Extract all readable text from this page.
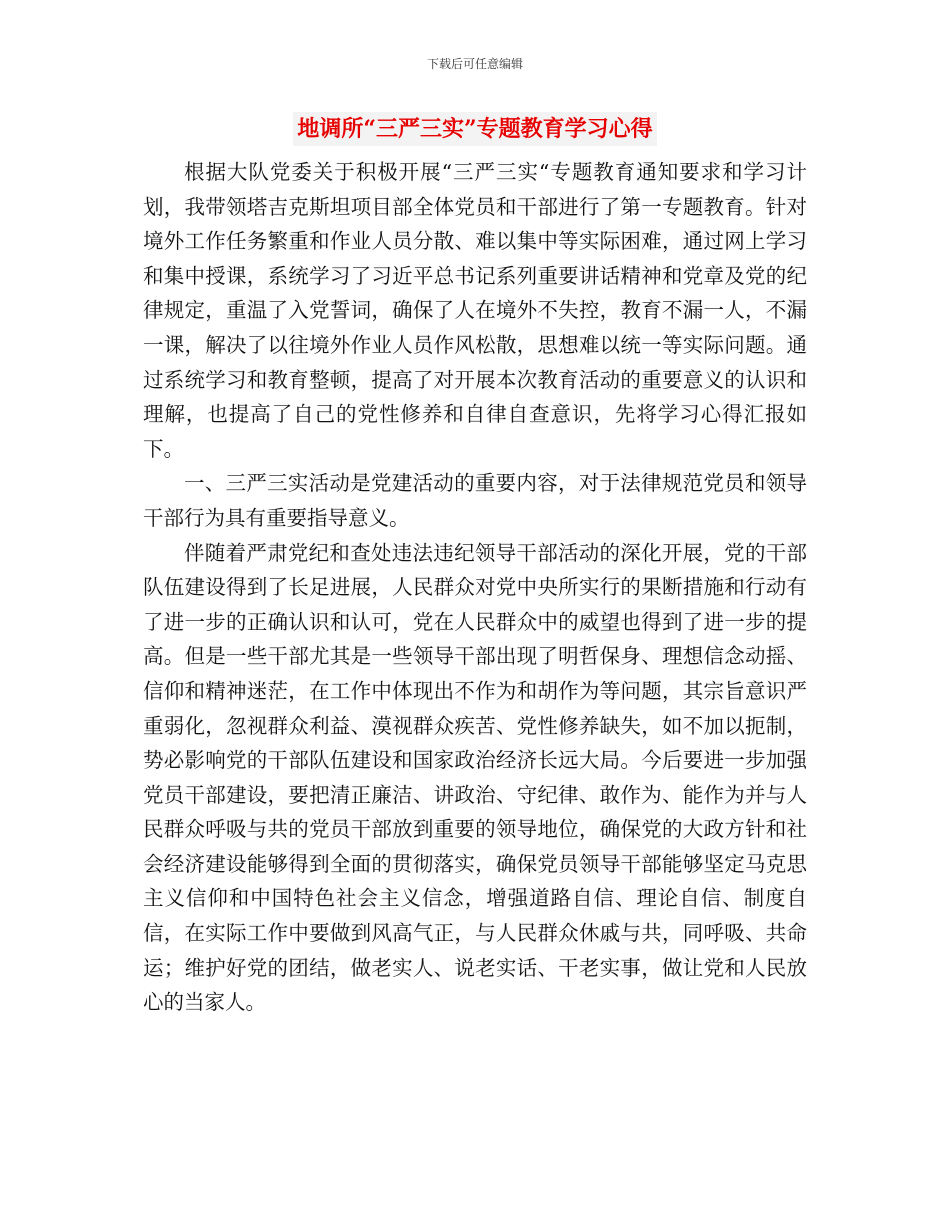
下载后可任意编辑
地调所“三严三实”专题教育学习心得

根据大队党委关于积极开展“三严三实“专题教育通知要求和学习计划，我带领塔吉克斯坦项目部全体党员和干部进行了第一专题教育。针对境外工作任务繁重和作业人员分散、难以集中等实际困难，通过网上学习和集中授课，系统学习了习近平总书记系列重要讲话精神和党章及党的纪律规定，重温了入党誓词，确保了人在境外不失控，教育不漏一人，不漏一课，解决了以往境外作业人员作风松散，思想难以统一等实际问题。通过系统学习和教育整顿，提高了对开展本次教育活动的重要意义的认识和理解，也提高了自己的党性修养和自律自查意识，先将学习心得汇报如下。

一、三严三实活动是党建活动的重要内容，对于法律规范党员和领导干部行为具有重要指导意义。

伴随着严肃党纪和查处违法违纪领导干部活动的深化开展，党的干部队伍建设得到了长足进展，人民群众对党中央所实行的果断措施和行动有了进一步的正确认识和认可，党在人民群众中的威望也得到了进一步的提高。但是一些干部尤其是一些领导干部出现了明哲保身、理想信念动摇、信仰和精神迷茫，在工作中体现出不作为和胡作为等问题，其宗旨意识严重弱化，忽视群众利益、漠视群众疾苦、党性修养缺失，如不加以扼制，势必影响党的干部队伍建设和国家政治经济长远大局。今后要进一步加强党员干部建设，要把清正廉洁、讲政治、守纪律、敢作为、能作为并与人民群众呼吸与共的党员干部放到重要的领导地位，确保党的大政方针和社会经济建设能够得到全面的贯彻落实，确保党员领导干部能够坚定马克思主义信仰和中国特色社会主义信念，增强道路自信、理论自信、制度自信，在实际工作中要做到风高气正，与人民群众休戚与共，同呼吸、共命运；维护好党的团结，做老实人、说老实话、干老实事，做让党和人民放心的当家人。
